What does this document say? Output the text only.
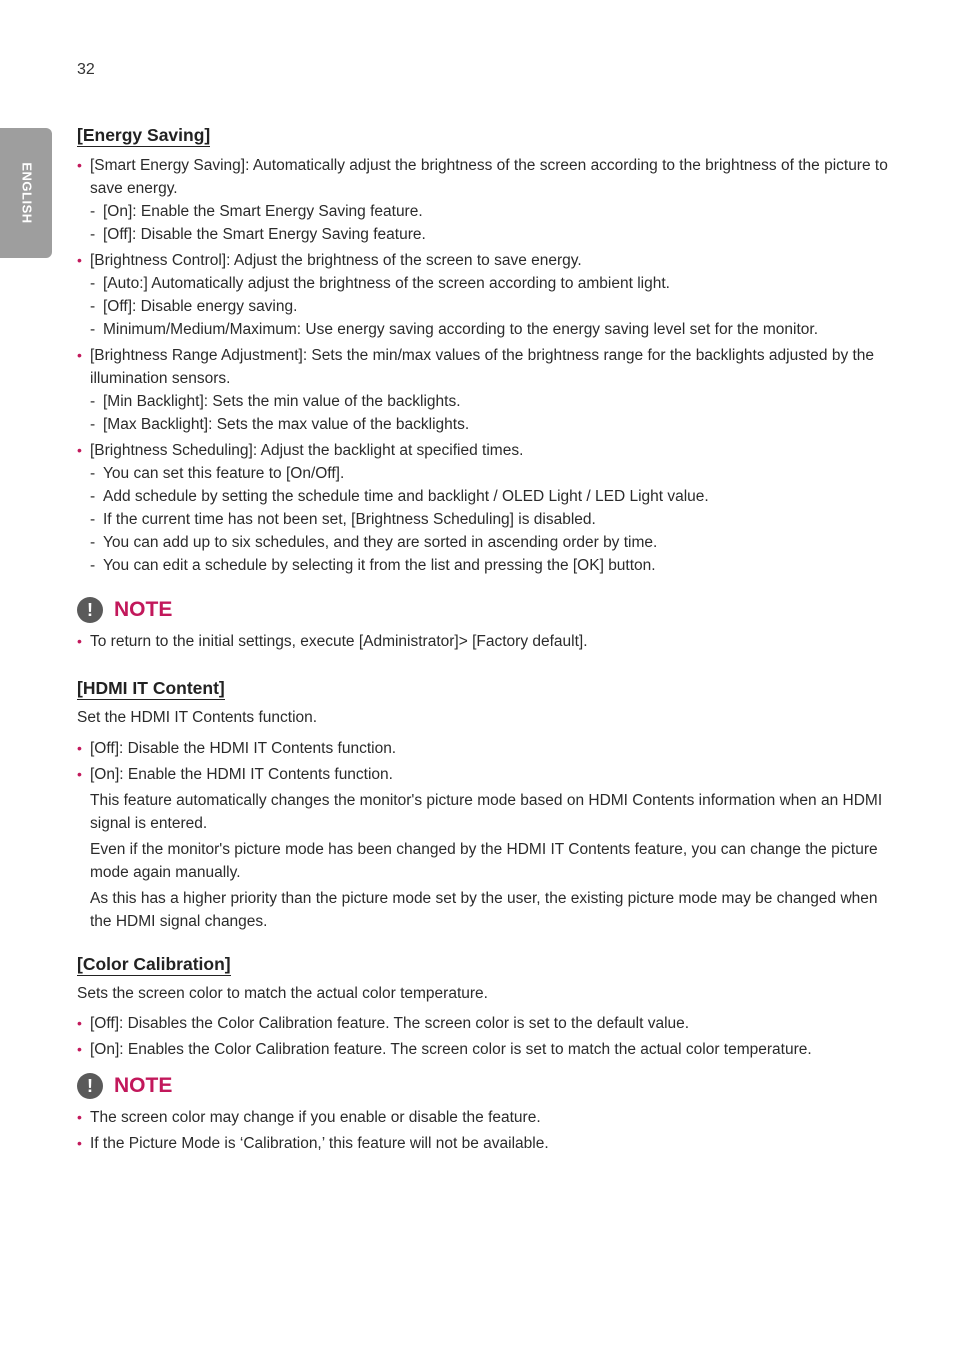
32
ENGLISH
[Energy Saving]
• [Smart Energy Saving]: Automatically adjust the brightness of the screen according to the brightness of the picture to save energy.
- [On]: Enable the Smart Energy Saving feature.
- [Off]: Disable the Smart Energy Saving feature.
• [Brightness Control]: Adjust the brightness of the screen to save energy.
- [Auto:] Automatically adjust the brightness of the screen according to ambient light.
- [Off]: Disable energy saving.
- Minimum/Medium/Maximum: Use energy saving according to the energy saving level set for the monitor.
• [Brightness Range Adjustment]: Sets the min/max values of the brightness range for the backlights adjusted by the illumination sensors.
- [Min Backlight]: Sets the min value of the backlights.
- [Max Backlight]: Sets the max value of the backlights.
• [Brightness Scheduling]: Adjust the backlight at specified times.
- You can set this feature to [On/Off].
- Add schedule by setting the schedule time and backlight / OLED Light / LED Light value.
- If the current time has not been set, [Brightness Scheduling] is disabled.
- You can add up to six schedules, and they are sorted in ascending order by time.
- You can edit a schedule by selecting it from the list and pressing the [OK] button.
!	NOTE
• To return to the initial settings, execute [Administrator]> [Factory default].
[HDMI IT Content]
Set the HDMI IT Contents function.
• [Off]: Disable the HDMI IT Contents function.
• [On]: Enable the HDMI IT Contents function.
This feature automatically changes the monitor's picture mode based on HDMI Contents information when an HDMI signal is entered.
Even if the monitor's picture mode has been changed by the HDMI IT Contents feature, you can change the picture mode again manually.
As this has a higher priority than the picture mode set by the user, the existing picture mode may be changed when the HDMI signal changes.
[Color Calibration]
Sets the screen color to match the actual color temperature.
• [Off]: Disables the Color Calibration feature. The screen color is set to the default value.
• [On]: Enables the Color Calibration feature. The screen color is set to match the actual color temperature.
!	NOTE
• The screen color may change if you enable or disable the feature.
• If the Picture Mode is ‘Calibration,’ this feature will not be available.
